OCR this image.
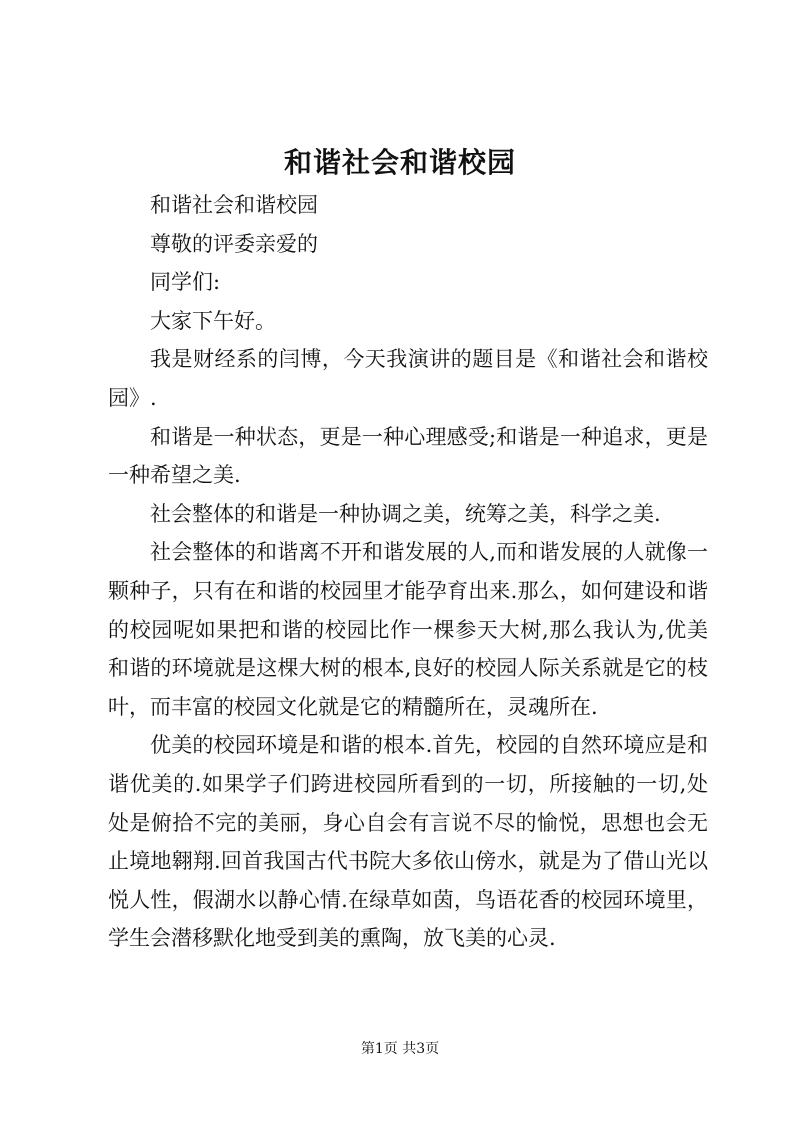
和谐社会和谐校园

和谐社会和谐校园

尊敬的评委亲爱的

同学们:

大家下午好。

我是财经系的闫博，今天我演讲的题目是《和谐社会和谐校园》.

和谐是一种状态，更是一种心理感受;和谐是一种追求，更是一种希望之美.

社会整体的和谐是一种协调之美，统筹之美，科学之美.

社会整体的和谐离不开和谐发展的人,而和谐发展的人就像一颗种子，只有在和谐的校园里才能孕育出来.那么，如何建设和谐的校园呢如果把和谐的校园比作一棵参天大树,那么我认为,优美和谐的环境就是这棵大树的根本,良好的校园人际关系就是它的枝叶，而丰富的校园文化就是它的精髓所在，灵魂所在.

优美的校园环境是和谐的根本.首先，校园的自然环境应是和谐优美的.如果学子们跨进校园所看到的一切，所接触的一切,处处是俯拾不完的美丽，身心自会有言说不尽的愉悦，思想也会无止境地翱翔.回首我国古代书院大多依山傍水，就是为了借山光以悦人性，假湖水以静心情.在绿草如茵，鸟语花香的校园环境里，学生会潜移默化地受到美的熏陶，放飞美的心灵.

第1页 共3页
